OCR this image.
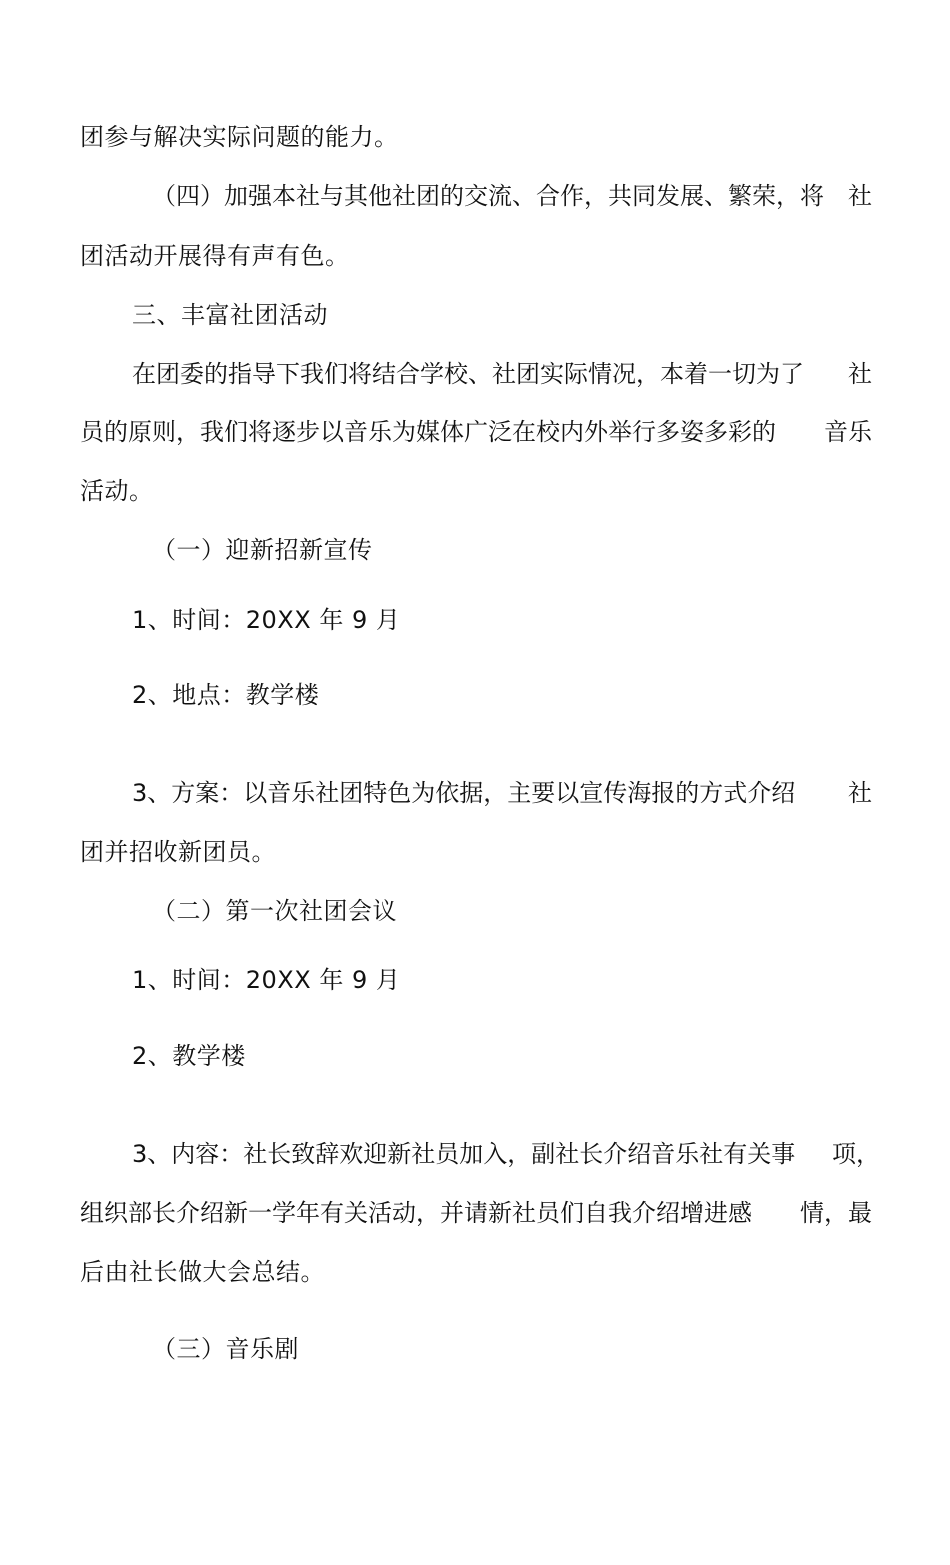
团参与解决实际问题的能力。
（四）加强本社与其他社团的交流、合作，共同发展、繁荣，将 社
团活动开展得有声有色。
三、丰富社团活动
在团委的指导下我们将结合学校、社团实际情况，本着一切为了 社
员的原则，我们将逐步以音乐为媒体广泛在校内外举行多姿多彩的 音乐
活动。
（一）迎新招新宣传
1、时间：20XX 年 9 月
2、地点：教学楼
3、方案：以音乐社团特色为依据，主要以宣传海报的方式介绍 社
团并招收新团员。
（二）第一次社团会议
1、时间：20XX 年 9 月
2、教学楼
3、内容：社长致辞欢迎新社员加入，副社长介绍音乐社有关事 项，
组织部长介绍新一学年有关活动，并请新社员们自我介绍增进感 情，最
后由社长做大会总结。
（三）音乐剧
